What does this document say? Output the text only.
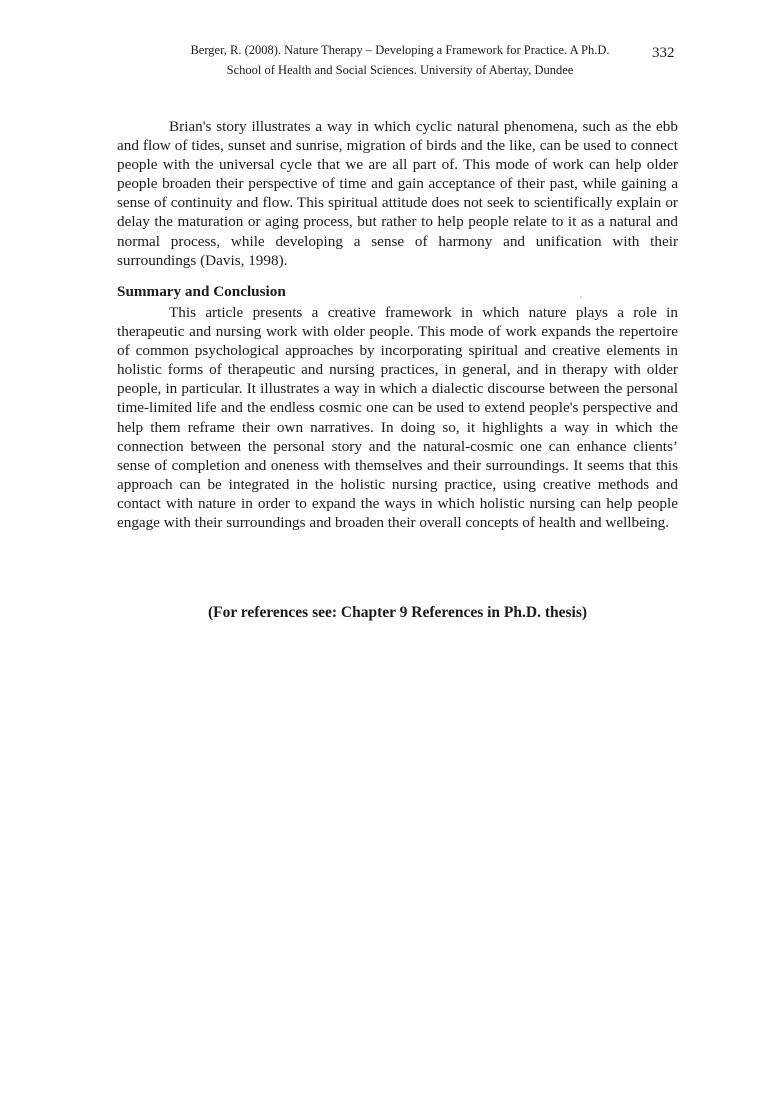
Berger, R. (2008). Nature Therapy – Developing a Framework for Practice. A Ph.D.
School of Health and Social Sciences. University of Abertay, Dundee
332

Brian's story illustrates a way in which cyclic natural phenomena, such as the ebb and flow of tides, sunset and sunrise, migration of birds and the like, can be used to connect people with the universal cycle that we are all part of. This mode of work can help older people broaden their perspective of time and gain acceptance of their past, while gaining a sense of continuity and flow. This spiritual attitude does not seek to scientifically explain or delay the maturation or aging process, but rather to help people relate to it as a natural and normal process, while developing a sense of harmony and unification with their surroundings (Davis, 1998).

Summary and Conclusion

This article presents a creative framework in which nature plays a role in therapeutic and nursing work with older people. This mode of work expands the repertoire of common psychological approaches by incorporating spiritual and creative elements in holistic forms of therapeutic and nursing practices, in general, and in therapy with older people, in particular. It illustrates a way in which a dialectic discourse between the personal time-limited life and the endless cosmic one can be used to extend people's perspective and help them reframe their own narratives. In doing so, it highlights a way in which the connection between the personal story and the natural-cosmic one can enhance clients’ sense of completion and oneness with themselves and their surroundings. It seems that this approach can be integrated in the holistic nursing practice, using creative methods and contact with nature in order to expand the ways in which holistic nursing can help people engage with their surroundings and broaden their overall concepts of health and wellbeing.

(For references see: Chapter 9 References in Ph.D. thesis)
